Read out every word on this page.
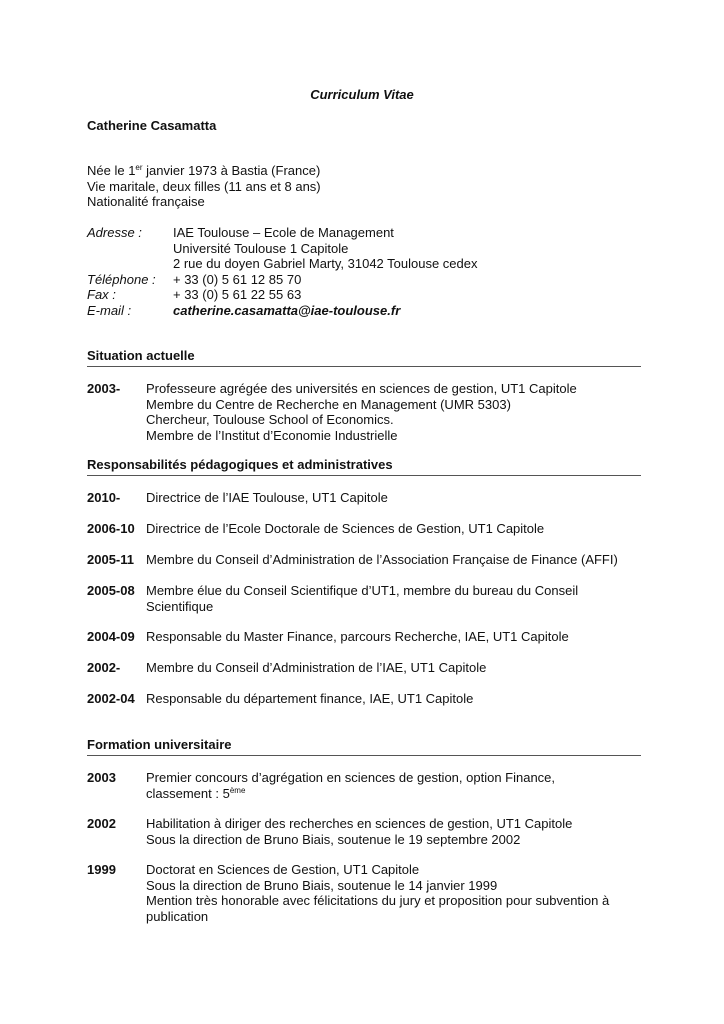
Curriculum Vitae
Catherine Casamatta
Née le 1er janvier 1973 à Bastia (France)
Vie maritale, deux filles (11 ans et 8 ans)
Nationalité française
Adresse :	IAE Toulouse – Ecole de Management
Université Toulouse 1 Capitole
2 rue du doyen Gabriel Marty, 31042 Toulouse cedex
Téléphone :	+ 33 (0) 5 61 12 85 70
Fax :	+ 33 (0) 5 61 22 55 63
E-mail :	catherine.casamatta@iae-toulouse.fr
Situation actuelle
2003-	Professeure agrégée des universités en sciences de gestion, UT1 Capitole
Membre du Centre de Recherche en Management (UMR 5303)
Chercheur, Toulouse School of Economics.
Membre de l’Institut d’Economie Industrielle
Responsabilités pédagogiques et administratives
2010-	Directrice de l’IAE Toulouse, UT1 Capitole
2006-10 Directrice de l’Ecole Doctorale de Sciences de Gestion, UT1 Capitole
2005-11 Membre du Conseil d’Administration de l’Association Française de Finance (AFFI)
2005-08 Membre élue du Conseil Scientifique d’UT1, membre du bureau du Conseil
Scientifique
2004-09 Responsable du Master Finance, parcours Recherche, IAE, UT1 Capitole
2002-	Membre du Conseil d’Administration de l’IAE, UT1 Capitole
2002-04 Responsable du département finance, IAE, UT1 Capitole
Formation universitaire
2003	Premier concours d’agrégation en sciences de gestion, option Finance,
classement : 5ème
2002	Habilitation à diriger des recherches en sciences de gestion, UT1 Capitole
Sous la direction de Bruno Biais, soutenue le 19 septembre 2002
1999	Doctorat en Sciences de Gestion, UT1 Capitole
Sous la direction de Bruno Biais, soutenue le 14 janvier 1999
Mention très honorable avec félicitations du jury et proposition pour subvention à
publication
